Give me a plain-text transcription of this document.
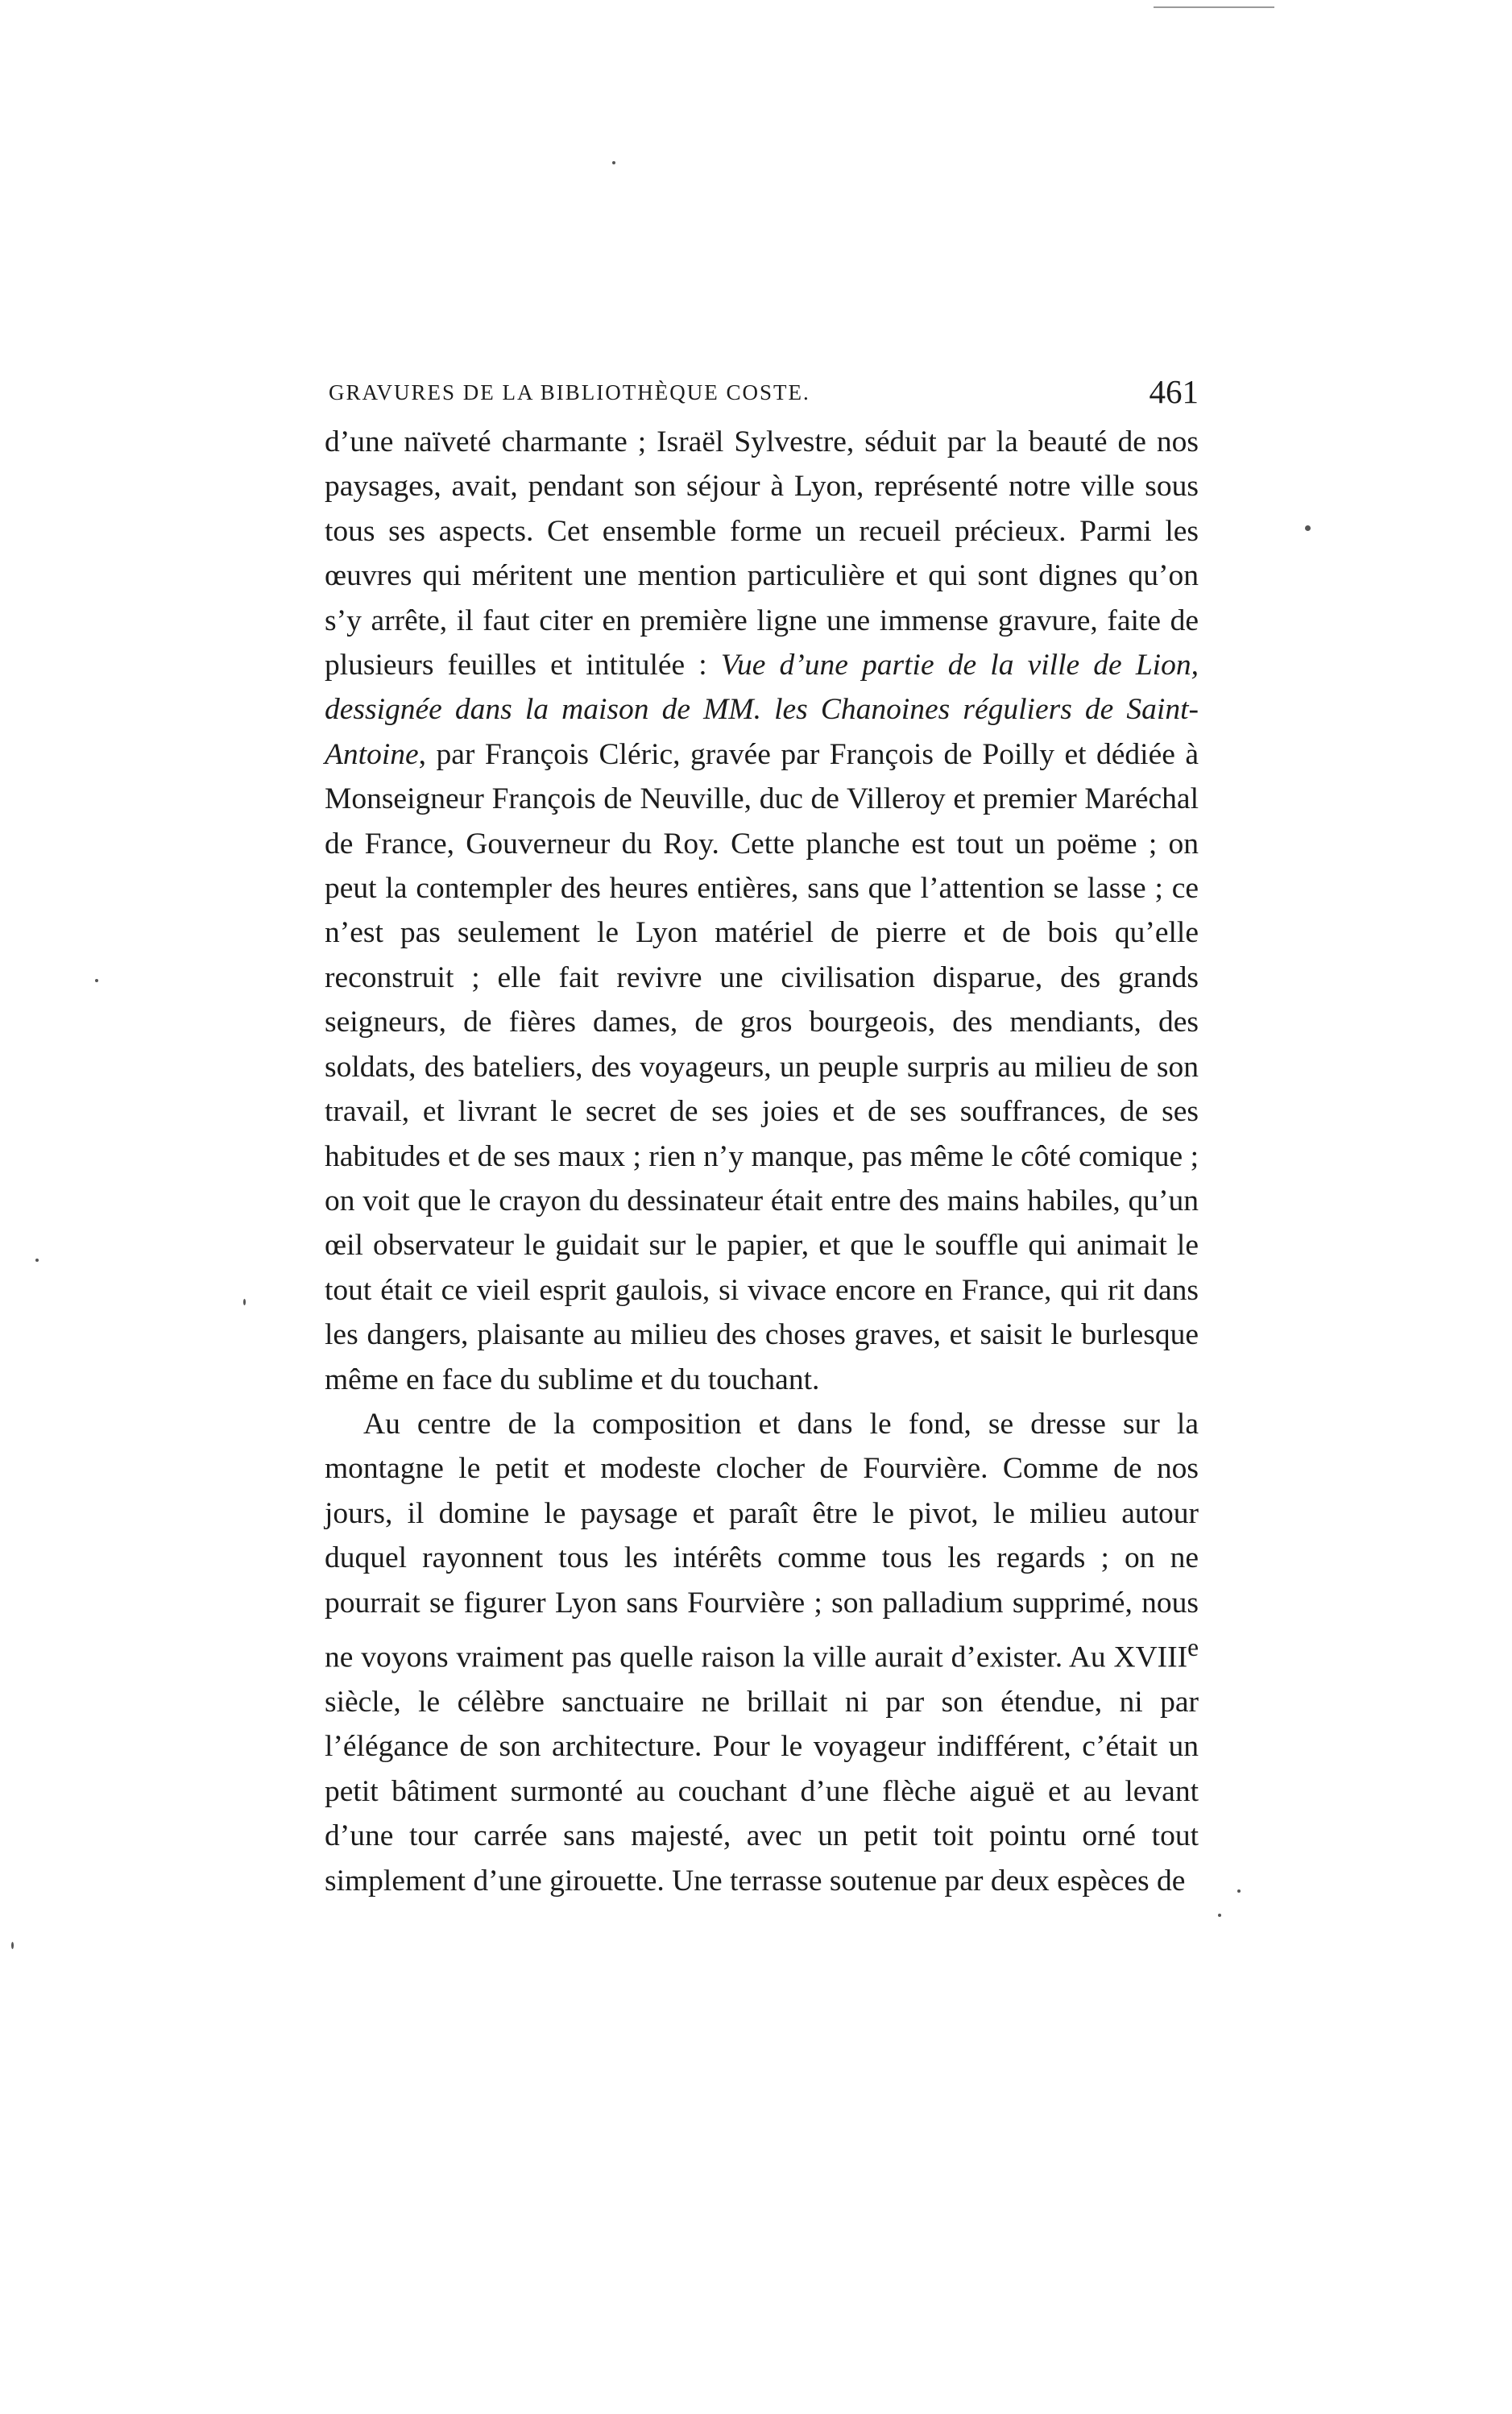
GRAVURES DE LA BIBLIOTHÈQUE COSTE.	461

d’une naïveté charmante ; Israël Sylvestre, séduit par la beauté de nos paysages, avait, pendant son séjour à Lyon, représenté notre ville sous tous ses aspects. Cet ensemble forme un recueil précieux. Parmi les œuvres qui méritent une mention particulière et qui sont dignes qu’on s’y arrête, il faut citer en première ligne une immense gravure, faite de plusieurs feuilles et intitulée : Vue d’une partie de la ville de Lion, dessignée dans la maison de MM. les Chanoines réguliers de Saint-Antoine, par François Cléric, gravée par François de Poilly et dédiée à Monseigneur François de Neuville, duc de Villeroy et premier Maréchal de France, Gouverneur du Roy. Cette planche est tout un poëme ; on peut la contempler des heures entières, sans que l’attention se lasse ; ce n’est pas seulement le Lyon matériel de pierre et de bois qu’elle reconstruit ; elle fait revivre une civilisation disparue, des grands seigneurs, de fières dames, de gros bourgeois, des mendiants, des soldats, des bateliers, des voyageurs, un peuple surpris au milieu de son travail, et livrant le secret de ses joies et de ses souffrances, de ses habitudes et de ses maux ; rien n’y manque, pas même le côté comique ; on voit que le crayon du dessinateur était entre des mains habiles, qu’un œil observateur le guidait sur le papier, et que le souffle qui animait le tout était ce vieil esprit gaulois, si vivace encore en France, qui rit dans les dangers, plaisante au milieu des choses graves, et saisit le burlesque même en face du sublime et du touchant.

Au centre de la composition et dans le fond, se dresse sur la montagne le petit et modeste clocher de Fourvière. Comme de nos jours, il domine le paysage et paraît être le pivot, le milieu autour duquel rayonnent tous les intérêts comme tous les regards ; on ne pourrait se figurer Lyon sans Fourvière ; son palladium supprimé, nous ne voyons vraiment pas quelle raison la ville aurait d’exister. Au XVIIIe siècle, le célèbre sanctuaire ne brillait ni par son étendue, ni par l’élégance de son architecture. Pour le voyageur indifférent, c’était un petit bâtiment surmonté au couchant d’une flèche aiguë et au levant d’une tour carrée sans majesté, avec un petit toit pointu orné tout simplement d’une girouette. Une terrasse soutenue par deux espèces de
